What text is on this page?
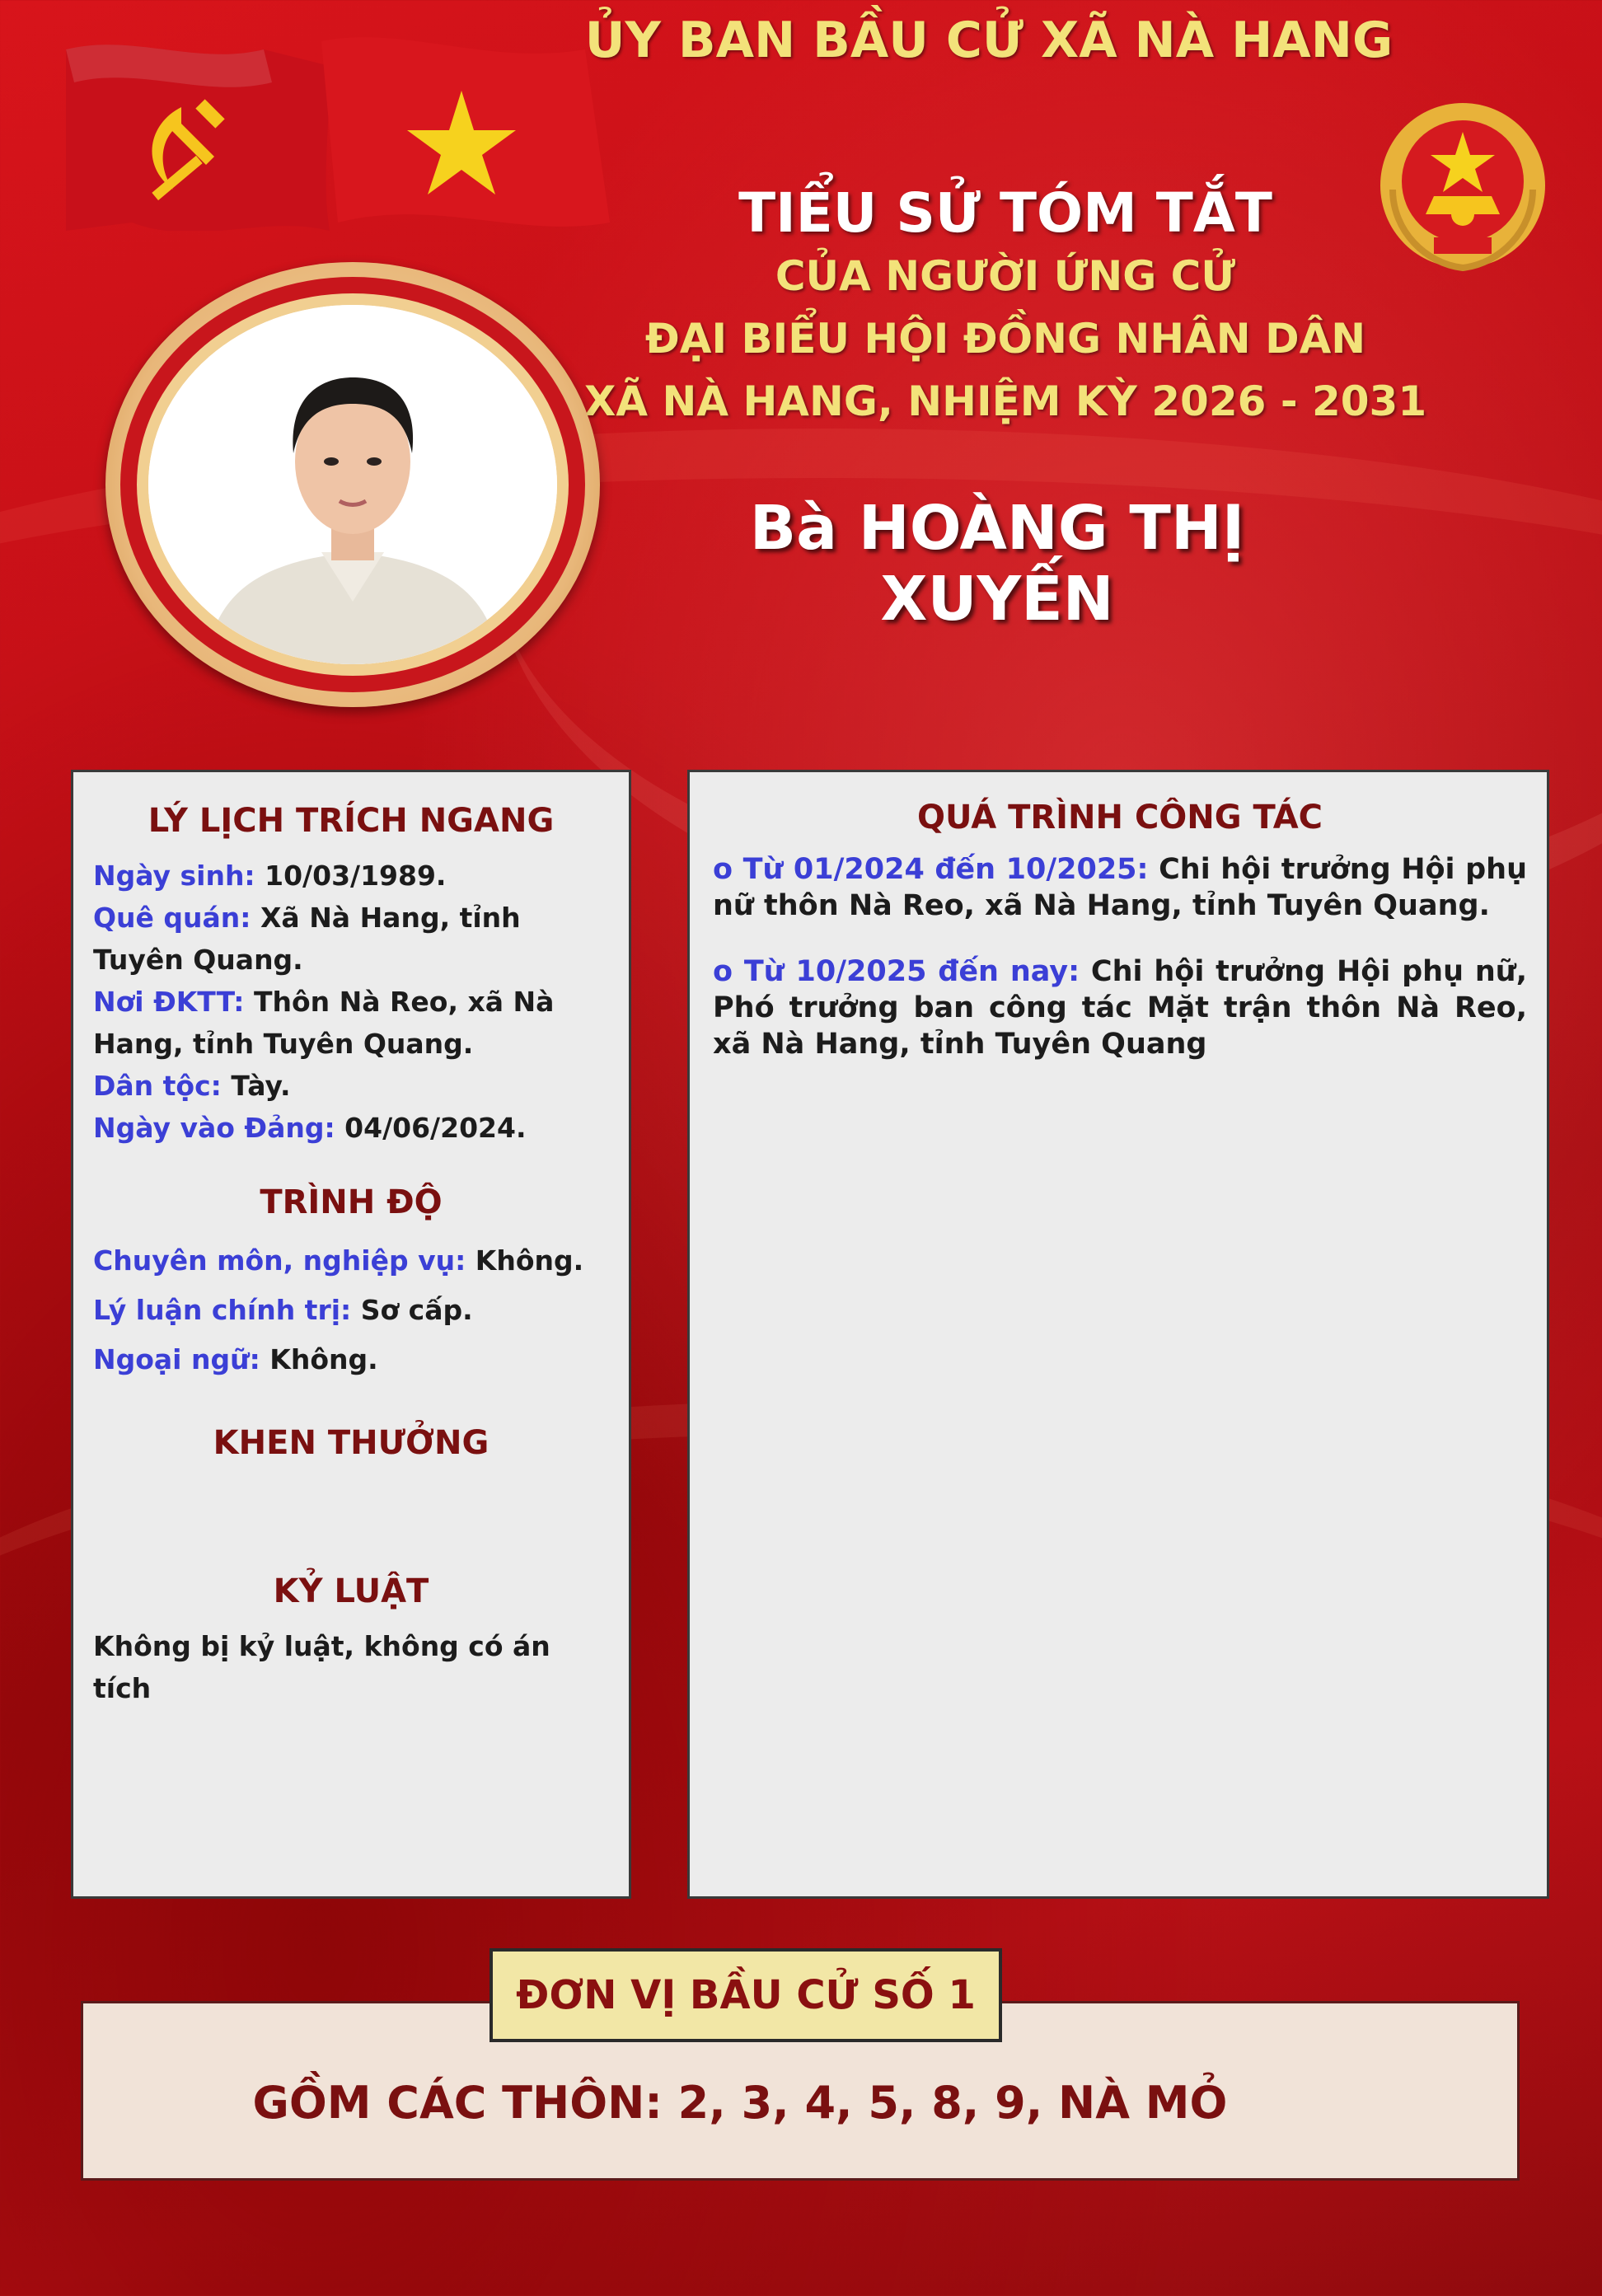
ỦY BAN BẦU CỬ XÃ NÀ HANG
TIỂU SỬ TÓM TẮT
CỦA NGƯỜI ỨNG CỬ
ĐẠI BIỂU HỘI ĐỒNG NHÂN DÂN
XÃ NÀ HANG, NHIỆM KỲ 2026 - 2031
Bà HOÀNG THỊ XUYẾN
LÝ LỊCH TRÍCH NGANG
Ngày sinh: 10/03/1989.
Quê quán: Xã Nà Hang, tỉnh Tuyên Quang.
Nơi ĐKTT: Thôn Nà Reo, xã Nà Hang, tỉnh Tuyên Quang.
Dân tộc: Tày.
Ngày vào Đảng: 04/06/2024.
TRÌNH ĐỘ
Chuyên môn, nghiệp vụ: Không.
Lý luận chính trị: Sơ cấp.
Ngoại ngữ: Không.
KHEN THƯỞNG
KỶ LUẬT
Không bị kỷ luật, không có án tích
QUÁ TRÌNH CÔNG TÁC
o Từ 01/2024 đến 10/2025: Chi hội trưởng Hội phụ nữ thôn Nà Reo, xã Nà Hang, tỉnh Tuyên Quang.
o Từ 10/2025 đến nay: Chi hội trưởng Hội phụ nữ, Phó trưởng ban công tác Mặt trận thôn Nà Reo, xã Nà Hang, tỉnh Tuyên Quang
ĐƠN VỊ BẦU CỬ SỐ 1
GỒM CÁC THÔN: 2, 3, 4, 5, 8, 9, NÀ MỎ
